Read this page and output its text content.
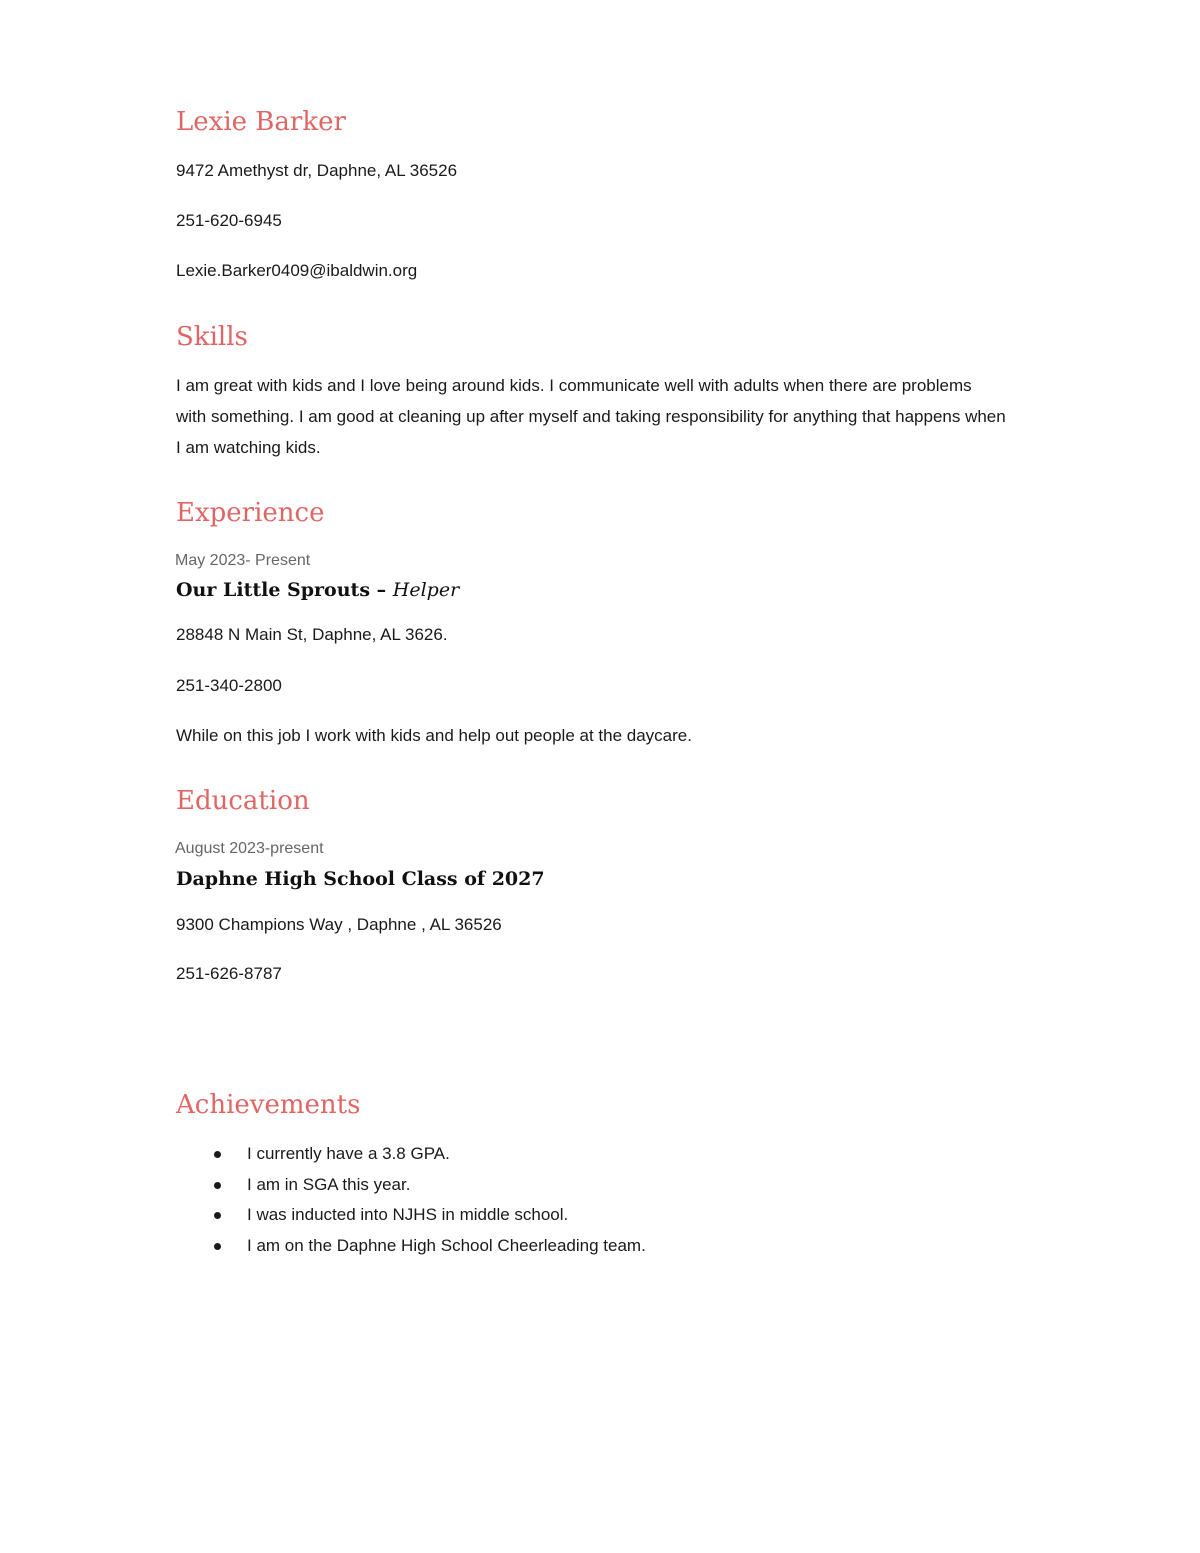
Lexie Barker

9472 Amethyst dr, Daphne, AL 36526

251-620-6945

Lexie.Barker0409@ibaldwin.org

Skills

I am great with kids and I love being around kids. I communicate well with adults when there are problems with something. I am good at cleaning up after myself and taking responsibility for anything that happens when I am watching kids.

Experience

May 2023- Present

Our Little Sprouts – Helper

28848 N Main St, Daphne, AL 3626.

251-340-2800

While on this job I work with kids and help out people at the daycare.

Education

August 2023-present

Daphne High School Class of 2027

9300 Champions Way , Daphne , AL 36526

251-626-8787

Achievements
I currently have a 3.8 GPA.
I am in SGA this year.
I was inducted into NJHS in middle school.
I am on the Daphne High School Cheerleading team.
